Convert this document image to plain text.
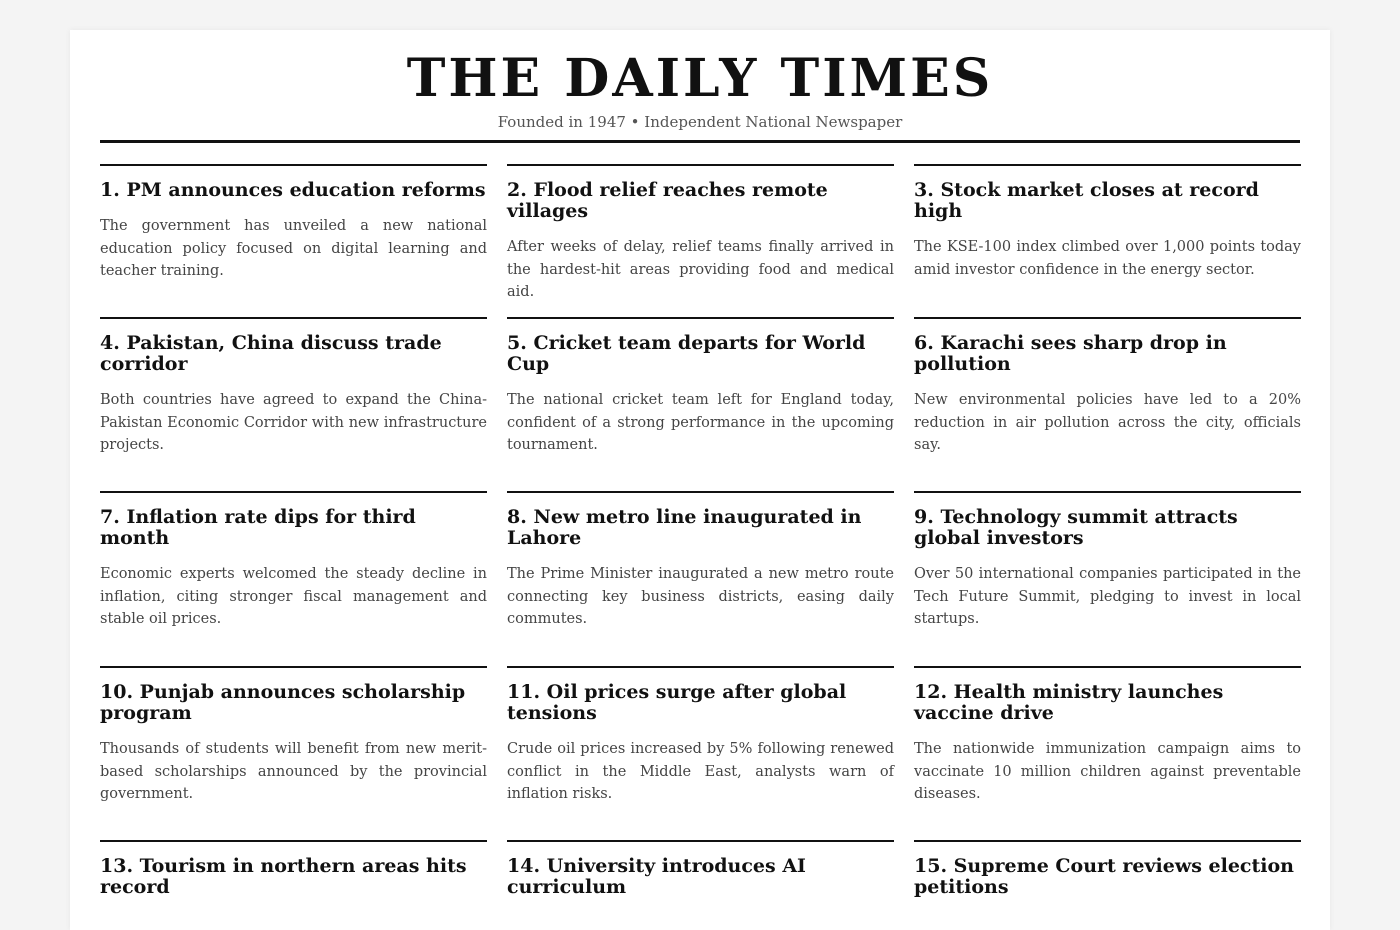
THE DAILY TIMES
Founded in 1947 • Independent National Newspaper
1. PM announces education reforms

The government has unveiled a new national education policy focused on digital learning and teacher training.

2. Flood relief reaches remote villages

After weeks of delay, relief teams finally arrived in the hardest-hit areas providing food and medical aid.

3. Stock market closes at record high

The KSE-100 index climbed over 1,000 points today amid investor confidence in the energy sector.

4. Pakistan, China discuss trade corridor

Both countries have agreed to expand the China-Pakistan Economic Corridor with new infrastructure projects.

5. Cricket team departs for World Cup

The national cricket team left for England today, confident of a strong performance in the upcoming tournament.

6. Karachi sees sharp drop in pollution

New environmental policies have led to a 20% reduction in air pollution across the city, officials say.

7. Inflation rate dips for third month

Economic experts welcomed the steady decline in inflation, citing stronger fiscal management and stable oil prices.

8. New metro line inaugurated in Lahore

The Prime Minister inaugurated a new metro route connecting key business districts, easing daily commutes.

9. Technology summit attracts global investors

Over 50 international companies participated in the Tech Future Summit, pledging to invest in local startups.

10. Punjab announces scholarship program

Thousands of students will benefit from new merit-based scholarships announced by the provincial government.

11. Oil prices surge after global tensions

Crude oil prices increased by 5% following renewed conflict in the Middle East, analysts warn of inflation risks.

12. Health ministry launches vaccine drive

The nationwide immunization campaign aims to vaccinate 10 million children against preventable diseases.

13. Tourism in northern areas hits record

14. University introduces AI curriculum

15. Supreme Court reviews election petitions
